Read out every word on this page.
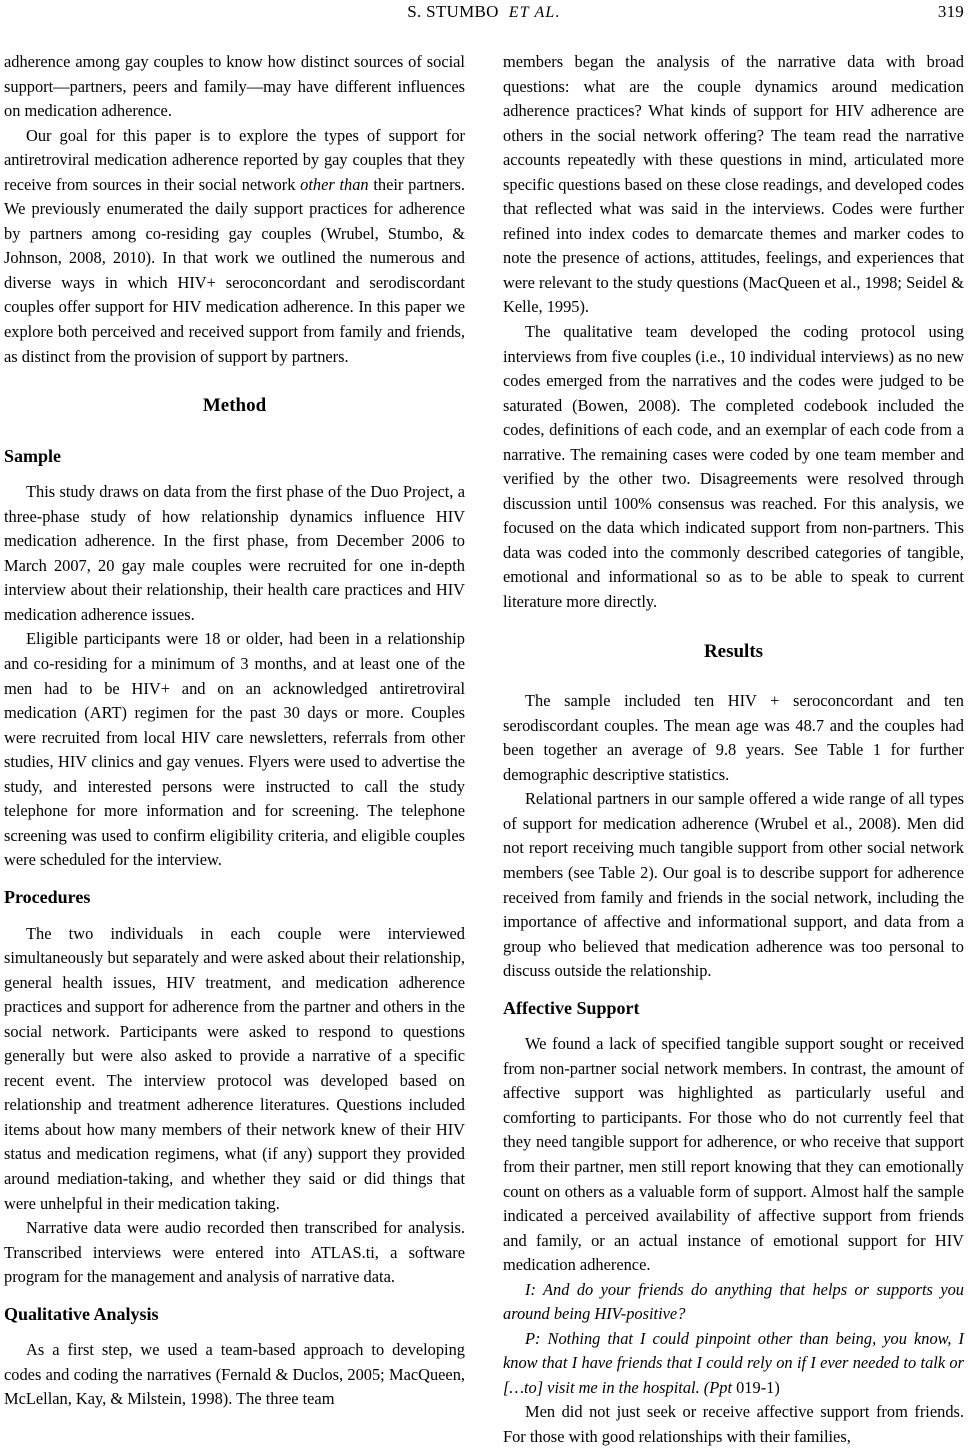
S. STUMBO ET AL.	319

adherence among gay couples to know how distinct sources of social support—partners, peers and family—may have different influences on medication adherence.

Our goal for this paper is to explore the types of support for antiretroviral medication adherence reported by gay couples that they receive from sources in their social network other than their partners. We previously enumerated the daily support practices for adherence by partners among co-residing gay couples (Wrubel, Stumbo, & Johnson, 2008, 2010). In that work we outlined the numerous and diverse ways in which HIV+ seroconcordant and serodiscordant couples offer support for HIV medication adherence. In this paper we explore both perceived and received support from family and friends, as distinct from the provision of support by partners.

Method
Sample

This study draws on data from the first phase of the Duo Project, a three-phase study of how relationship dynamics influence HIV medication adherence. In the first phase, from December 2006 to March 2007, 20 gay male couples were recruited for one in-depth interview about their relationship, their health care practices and HIV medication adherence issues.

Eligible participants were 18 or older, had been in a relationship and co-residing for a minimum of 3 months, and at least one of the men had to be HIV+ and on an acknowledged antiretroviral medication (ART) regimen for the past 30 days or more. Couples were recruited from local HIV care newsletters, referrals from other studies, HIV clinics and gay venues. Flyers were used to advertise the study, and interested persons were instructed to call the study telephone for more information and for screening. The telephone screening was used to confirm eligibility criteria, and eligible couples were scheduled for the interview.

Procedures

The two individuals in each couple were interviewed simultaneously but separately and were asked about their relationship, general health issues, HIV treatment, and medication adherence practices and support for adherence from the partner and others in the social network. Participants were asked to respond to questions generally but were also asked to provide a narrative of a specific recent event. The interview protocol was developed based on relationship and treatment adherence literatures. Questions included items about how many members of their network knew of their HIV status and medication regimens, what (if any) support they provided around mediation-taking, and whether they said or did things that were unhelpful in their medication taking.

Narrative data were audio recorded then transcribed for analysis. Transcribed interviews were entered into ATLAS.ti, a software program for the management and analysis of narrative data.

Qualitative Analysis

As a first step, we used a team-based approach to developing codes and coding the narratives (Fernald & Duclos, 2005; MacQueen, McLellan, Kay, & Milstein, 1998). The three team

members began the analysis of the narrative data with broad questions: what are the couple dynamics around medication adherence practices? What kinds of support for HIV adherence are others in the social network offering? The team read the narrative accounts repeatedly with these questions in mind, articulated more specific questions based on these close readings, and developed codes that reflected what was said in the interviews. Codes were further refined into index codes to demarcate themes and marker codes to note the presence of actions, attitudes, feelings, and experiences that were relevant to the study questions (MacQueen et al., 1998; Seidel & Kelle, 1995).

The qualitative team developed the coding protocol using interviews from five couples (i.e., 10 individual interviews) as no new codes emerged from the narratives and the codes were judged to be saturated (Bowen, 2008). The completed codebook included the codes, definitions of each code, and an exemplar of each code from a narrative. The remaining cases were coded by one team member and verified by the other two. Disagreements were resolved through discussion until 100% consensus was reached. For this analysis, we focused on the data which indicated support from non-partners. This data was coded into the commonly described categories of tangible, emotional and informational so as to be able to speak to current literature more directly.

Results

The sample included ten HIV + seroconcordant and ten serodiscordant couples. The mean age was 48.7 and the couples had been together an average of 9.8 years. See Table 1 for further demographic descriptive statistics.

Relational partners in our sample offered a wide range of all types of support for medication adherence (Wrubel et al., 2008). Men did not report receiving much tangible support from other social network members (see Table 2). Our goal is to describe support for adherence received from family and friends in the social network, including the importance of affective and informational support, and data from a group who believed that medication adherence was too personal to discuss outside the relationship.

Affective Support

We found a lack of specified tangible support sought or received from non-partner social network members. In contrast, the amount of affective support was highlighted as particularly useful and comforting to participants. For those who do not currently feel that they need tangible support for adherence, or who receive that support from their partner, men still report knowing that they can emotionally count on others as a valuable form of support. Almost half the sample indicated a perceived availability of affective support from friends and family, or an actual instance of emotional support for HIV medication adherence.

I: And do your friends do anything that helps or supports you around being HIV-positive?

P: Nothing that I could pinpoint other than being, you know, I know that I have friends that I could rely on if I ever needed to talk or […to] visit me in the hospital. (Ppt 019-1)

Men did not just seek or receive affective support from friends. For those with good relationships with their families,
